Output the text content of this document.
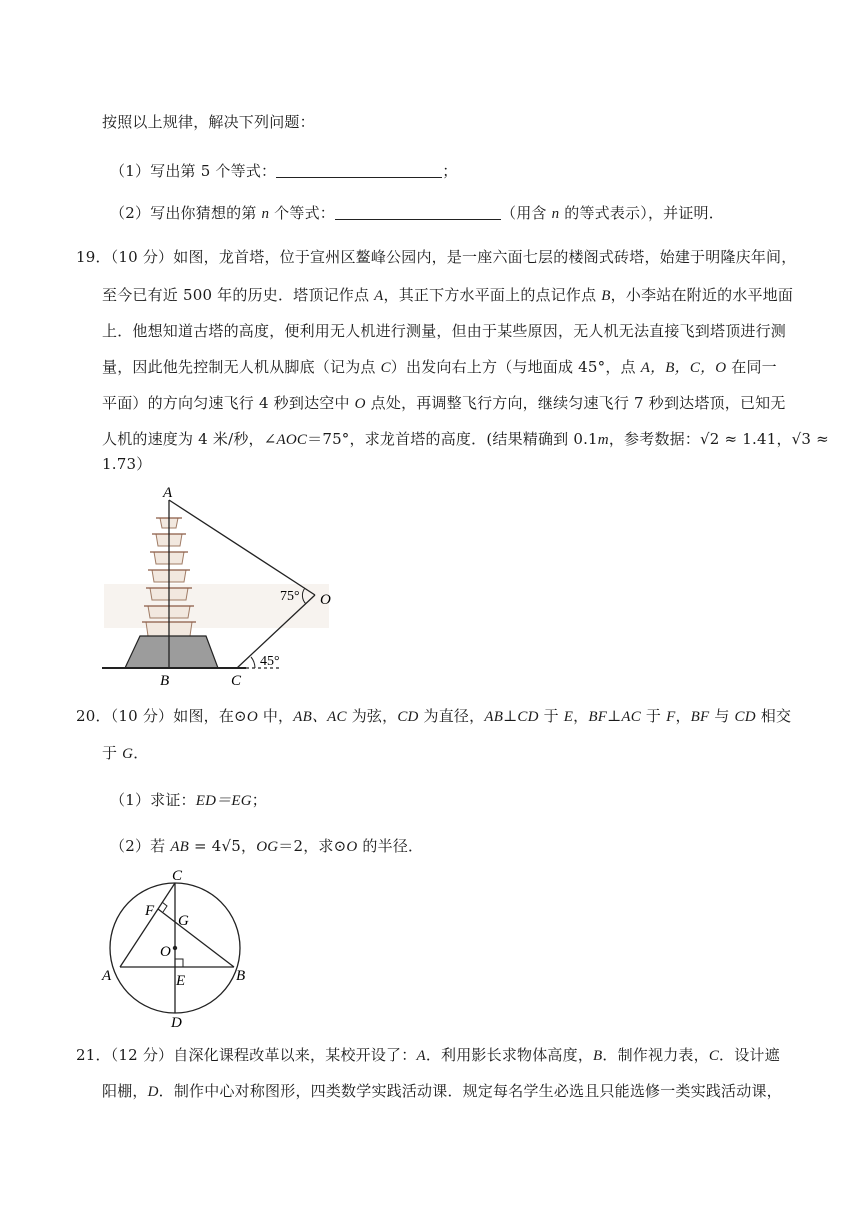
按照以上规律，解决下列问题：
（1）写出第 5 个等式：	；
（2）写出你猜想的第 n 个等式：	（用含 n 的等式表示），并证明．
19．（10 分）如图，龙首塔，位于宣州区鳌峰公园内，是一座六面七层的楼阁式砖塔，始建于明隆庆年间，
至今已有近 500 年的历史．塔顶记作点 A，其正下方水平面上的点记作点 B，小李站在附近的水平地面
上．他想知道古塔的高度，便利用无人机进行测量，但由于某些原因，无人机无法直接飞到塔顶进行测
量，因此他先控制无人机从脚底（记为点 C）出发向右上方（与地面成 45°，点 A，B，C，O 在同一
平面）的方向匀速飞行 4 秒到达空中 O 点处，再调整飞行方向，继续匀速飞行 7 秒到达塔顶，已知无
人机的速度为 4 米/秒，∠AOC＝75°，求龙首塔的高度．(结果精确到 0.1m，参考数据：√2 ≈ 1.41，√3 ≈
1.73）
A
O
75°
45°
B	C
20．（10 分）如图，在⊙O 中，AB、AC 为弦，CD 为直径，AB⊥CD 于 E，BF⊥AC 于 F，BF 与 CD 相交
于 G．
（1）求证：ED＝EG；
（2）若 AB = 4√5，OG＝2，求⊙O 的半径．
C
F
G
O
A	B
E
D
21．（12 分）自深化课程改革以来，某校开设了：A．利用影长求物体高度，B．制作视力表，C．设计遮
阳棚，D．制作中心对称图形，四类数学实践活动课．规定每名学生必选且只能选修一类实践活动课，
